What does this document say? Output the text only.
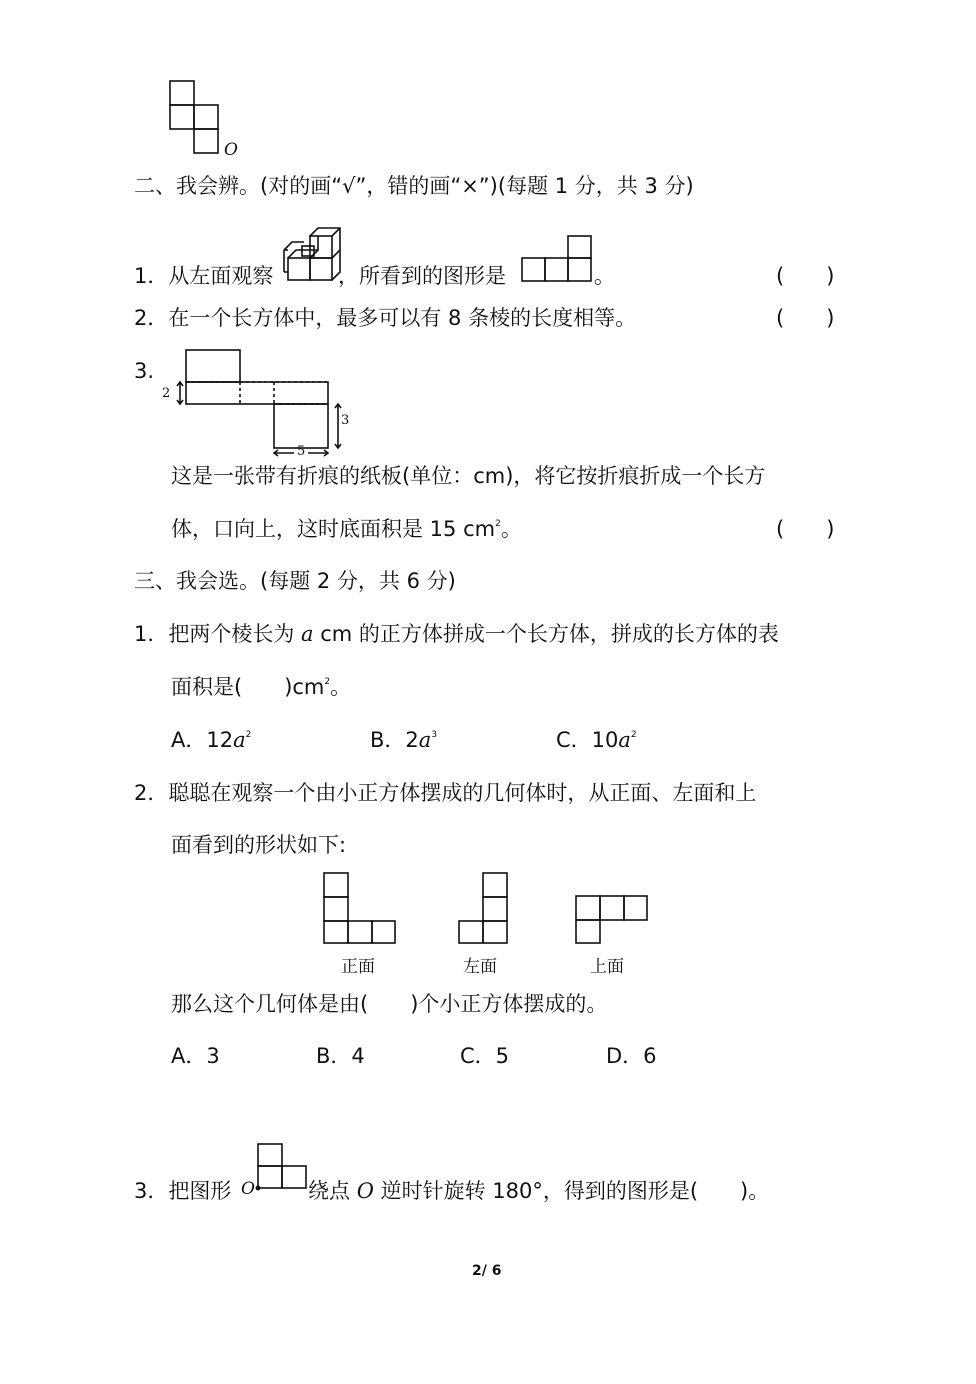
O
二、我会辨。(对的画“√”，错的画“×”)(每题 1 分，共 3 分)
1．从左面观察	，所看到的图形是	。	(　　)
2．在一个长方体中，最多可以有 8 条棱的长度相等。	(　　)
3.
2
3
5
这是一张带有折痕的纸板(单位：cm)，将它按折痕折成一个长方
体，口向上，这时底面积是 15 $cm^2$。	(　　)
三、我会选。(每题 2 分，共 6 分)
1．把两个棱长为 a cm 的正方体拼成一个长方体，拼成的长方体的表
面积是(　　)$cm^2$。
A．$12a^2$	B．$2a^3$	C．$10a^2$
2．聪聪在观察一个由小正方体摆成的几何体时，从正面、左面和上
面看到的形状如下:
正面	左面	上面
那么这个几何体是由(　　)个小正方体摆成的。
A．3	B．4	C．5	D．6
3．把图形 O	绕点 O 逆时针旋转 180°，得到的图形是(　　)。
2/ 6
